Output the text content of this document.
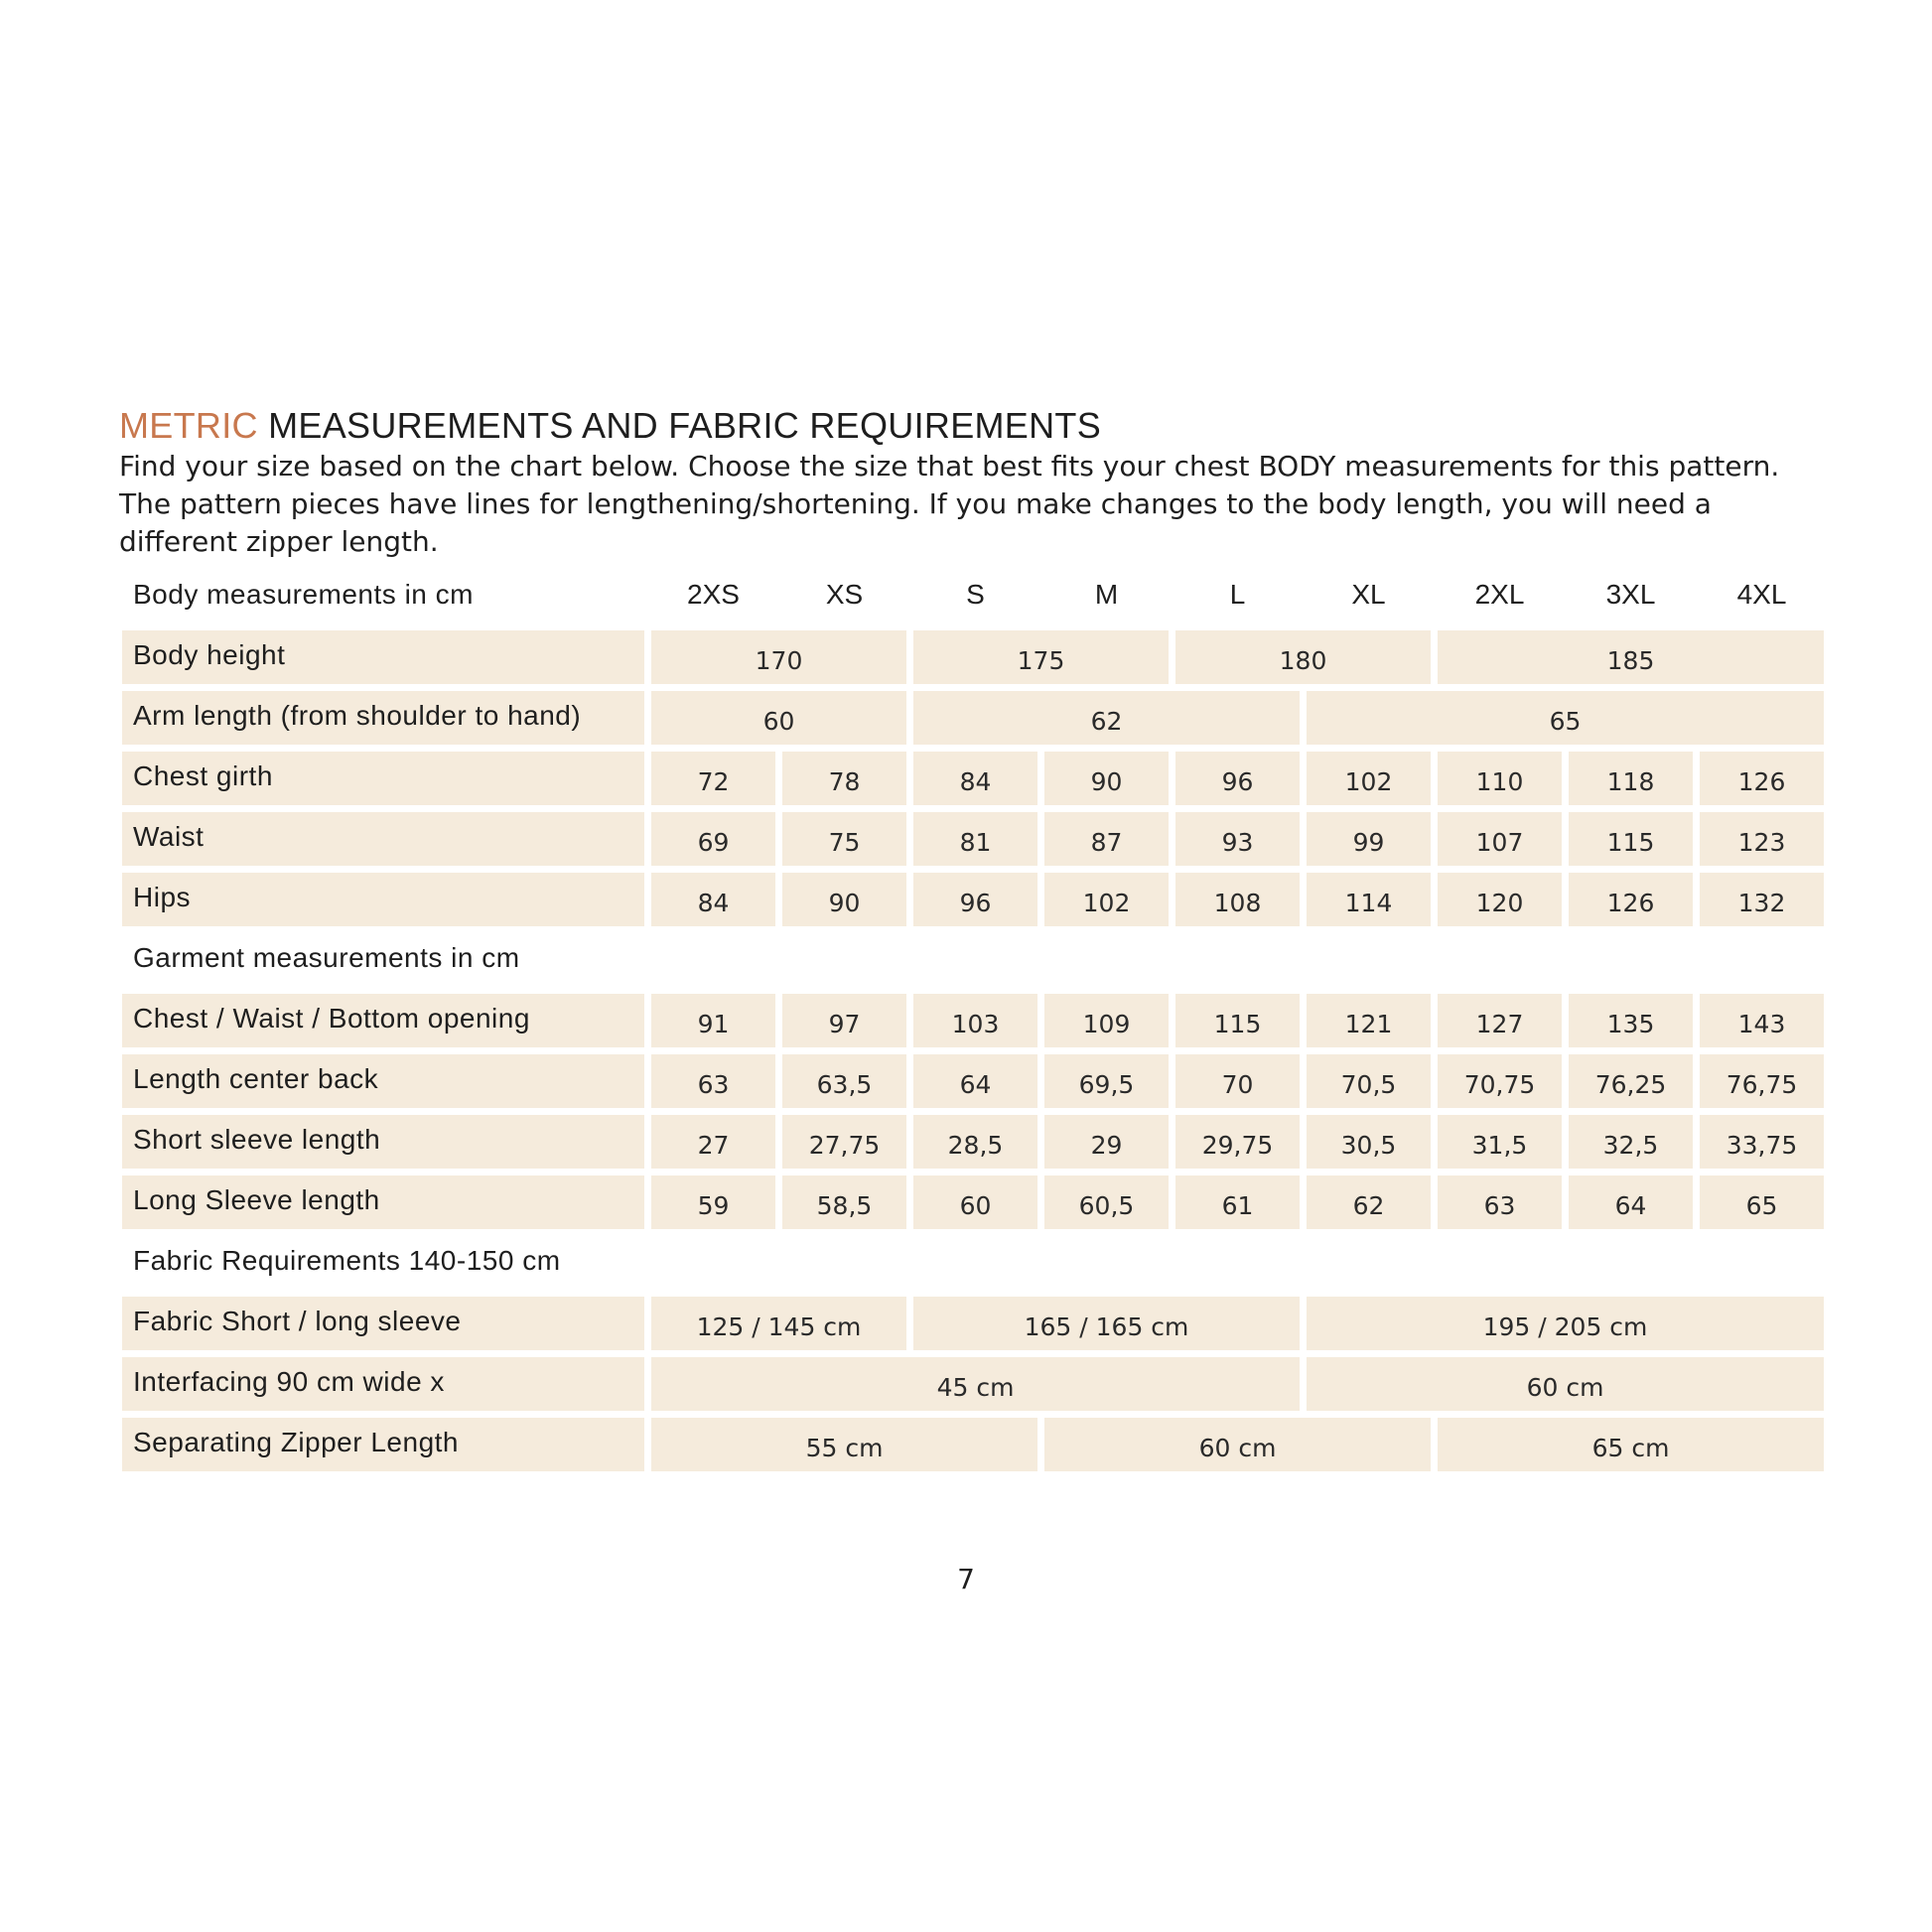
METRIC MEASUREMENTS AND FABRIC REQUIREMENTS

Find your size based on the chart below. Choose the size that best fits your chest BODY measurements for this pattern.
The pattern pieces have lines for lengthening/shortening. If you make changes to the body length, you will need a
different zipper length.

Body measurements in cm	2XS	XS	S	M	L	XL	2XL	3XL	4XL
Body height	170	175	180	185
Arm length (from shoulder to hand)	60	62	65
Chest girth	72	78	84	90	96	102	110	118	126
Waist	69	75	81	87	93	99	107	115	123
Hips	84	90	96	102	108	114	120	126	132
Garment measurements in cm
Chest / Waist / Bottom opening	91	97	103	109	115	121	127	135	143
Length center back	63	63,5	64	69,5	70	70,5	70,75	76,25	76,75
Short sleeve length	27	27,75	28,5	29	29,75	30,5	31,5	32,5	33,75
Long Sleeve length	59	58,5	60	60,5	61	62	63	64	65
Fabric Requirements 140-150 cm
Fabric Short / long sleeve	125 / 145 cm	165 / 165 cm	195 / 205 cm
Interfacing 90 cm wide x	45 cm	60 cm
Separating Zipper Length	55 cm	60 cm	65 cm
7
